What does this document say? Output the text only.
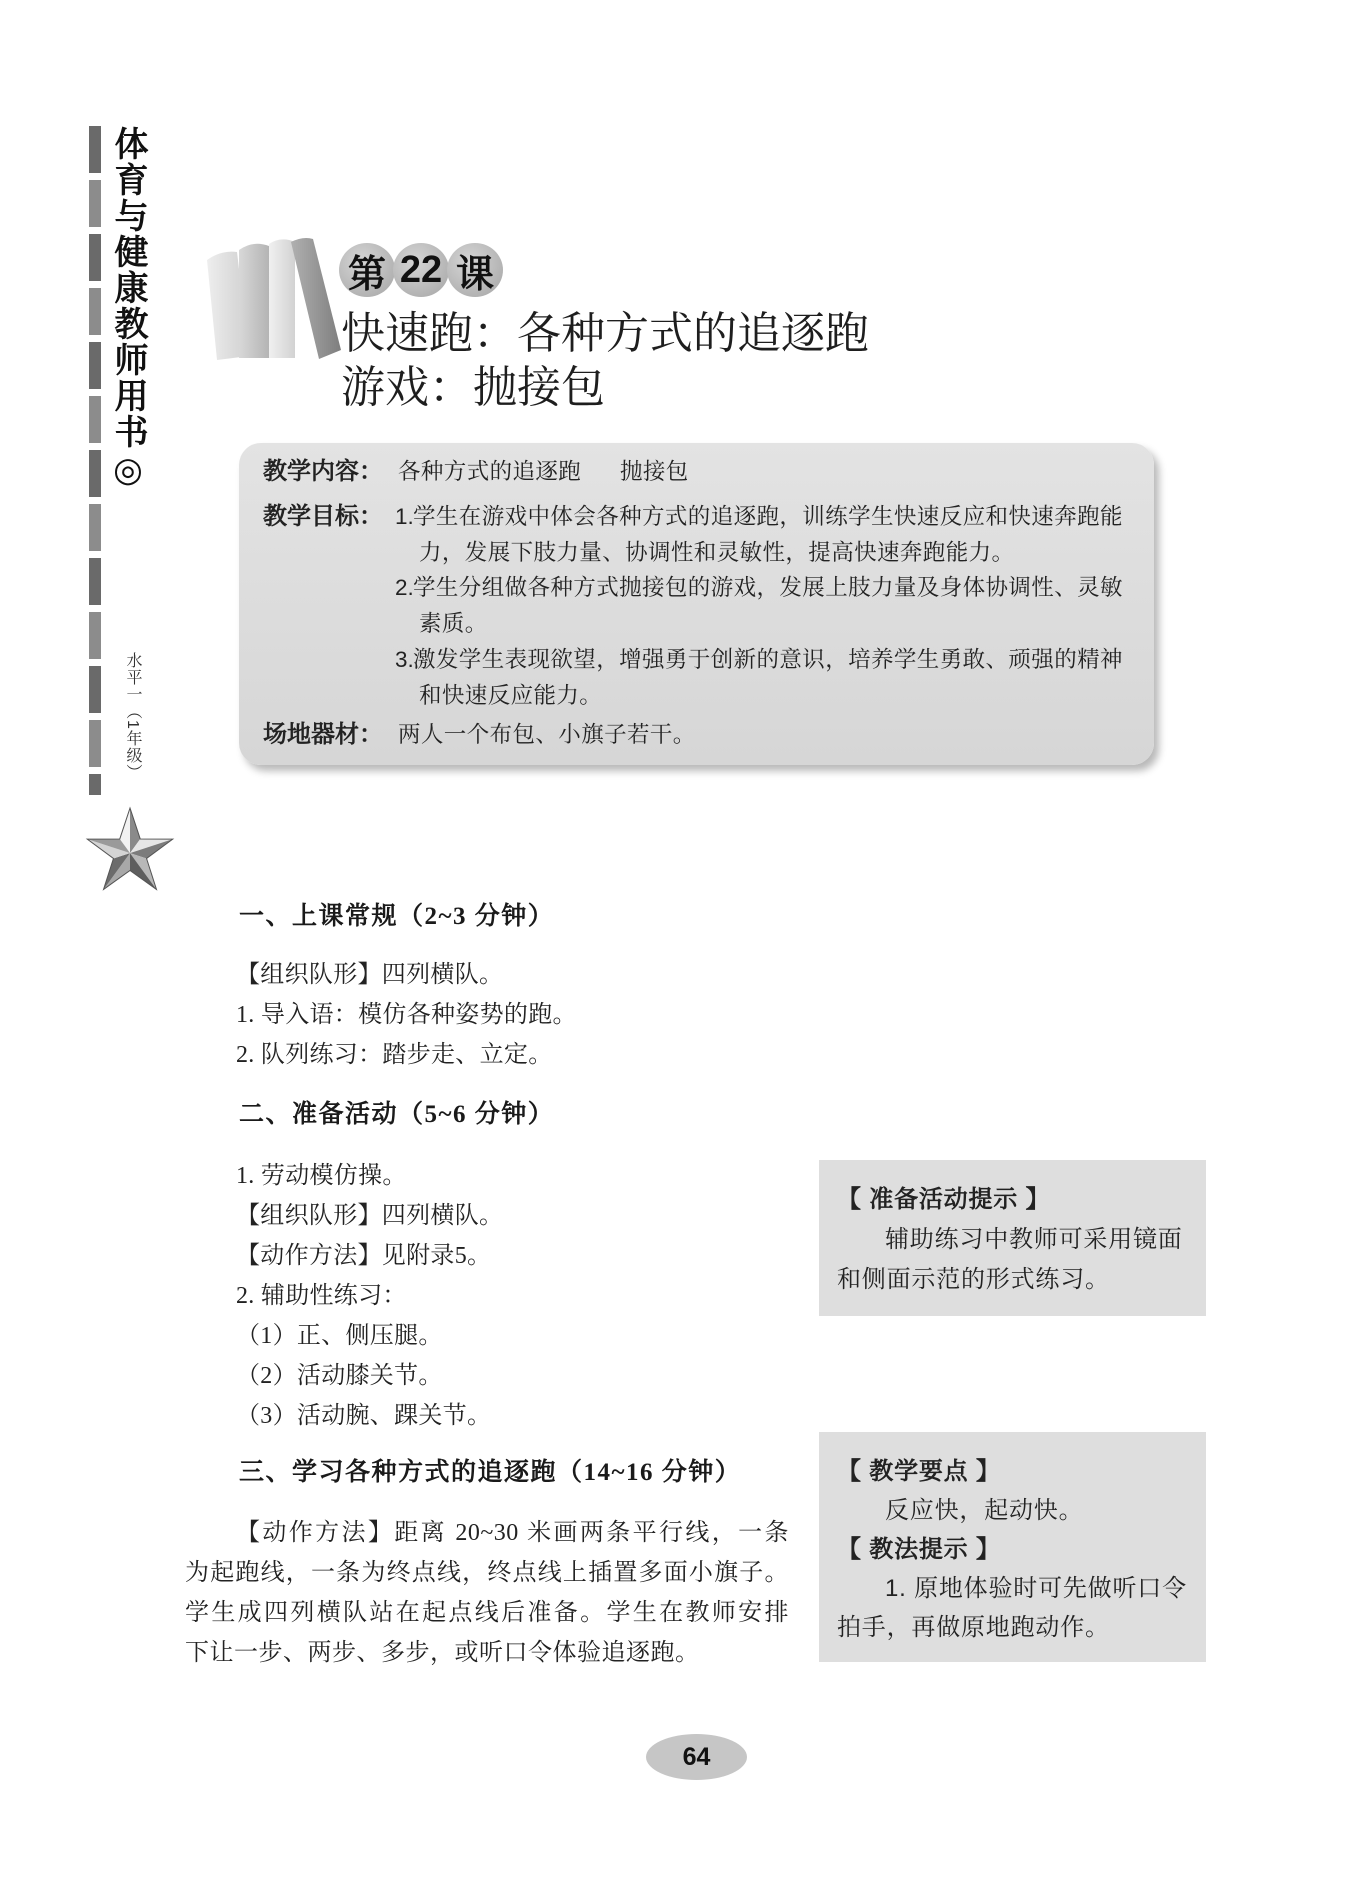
体育与健康教师用书◎
水平一（1年级）
第 22 课
快速跑：各种方式的追逐跑
游戏：抛接包
教学内容： 各种方式的追逐跑 抛接包
教学目标： 1. 学生在游戏中体会各种方式的追逐跑，训练学生快速反应和快速奔跑能
力，发展下肢力量、协调性和灵敏性，提高快速奔跑能力。
2. 学生分组做各种方式抛接包的游戏，发展上肢力量及身体协调性、灵敏
素质。
3. 激发学生表现欲望，增强勇于创新的意识，培养学生勇敢、顽强的精神
和快速反应能力。
场地器材： 两人一个布包、小旗子若干。
一、上课常规（2~3 分钟）
【组织队形】四列横队。
1. 导入语：模仿各种姿势的跑。
2. 队列练习：踏步走、立定。
二、准备活动（5~6 分钟）
1. 劳动模仿操。
【组织队形】四列横队。
【动作方法】见附录5。
2. 辅助性练习：
（1）正、侧压腿。
（2）活动膝关节。
（3）活动腕、踝关节。
三、学习各种方式的追逐跑（14~16 分钟）
【动作方法】距离 20~30 米画两条平行线，一条
为起跑线，一条为终点线，终点线上插置多面小旗子。
学生成四列横队站在起点线后准备。学生在教师安排
下让一步、两步、多步，或听口令体验追逐跑。
【 准备活动提示 】
辅助练习中教师可采用镜面
和侧面示范的形式练习。
【 教学要点 】
反应快，起动快。
【 教法提示 】
1. 原地体验时可先做听口令
拍手，再做原地跑动作。
64
